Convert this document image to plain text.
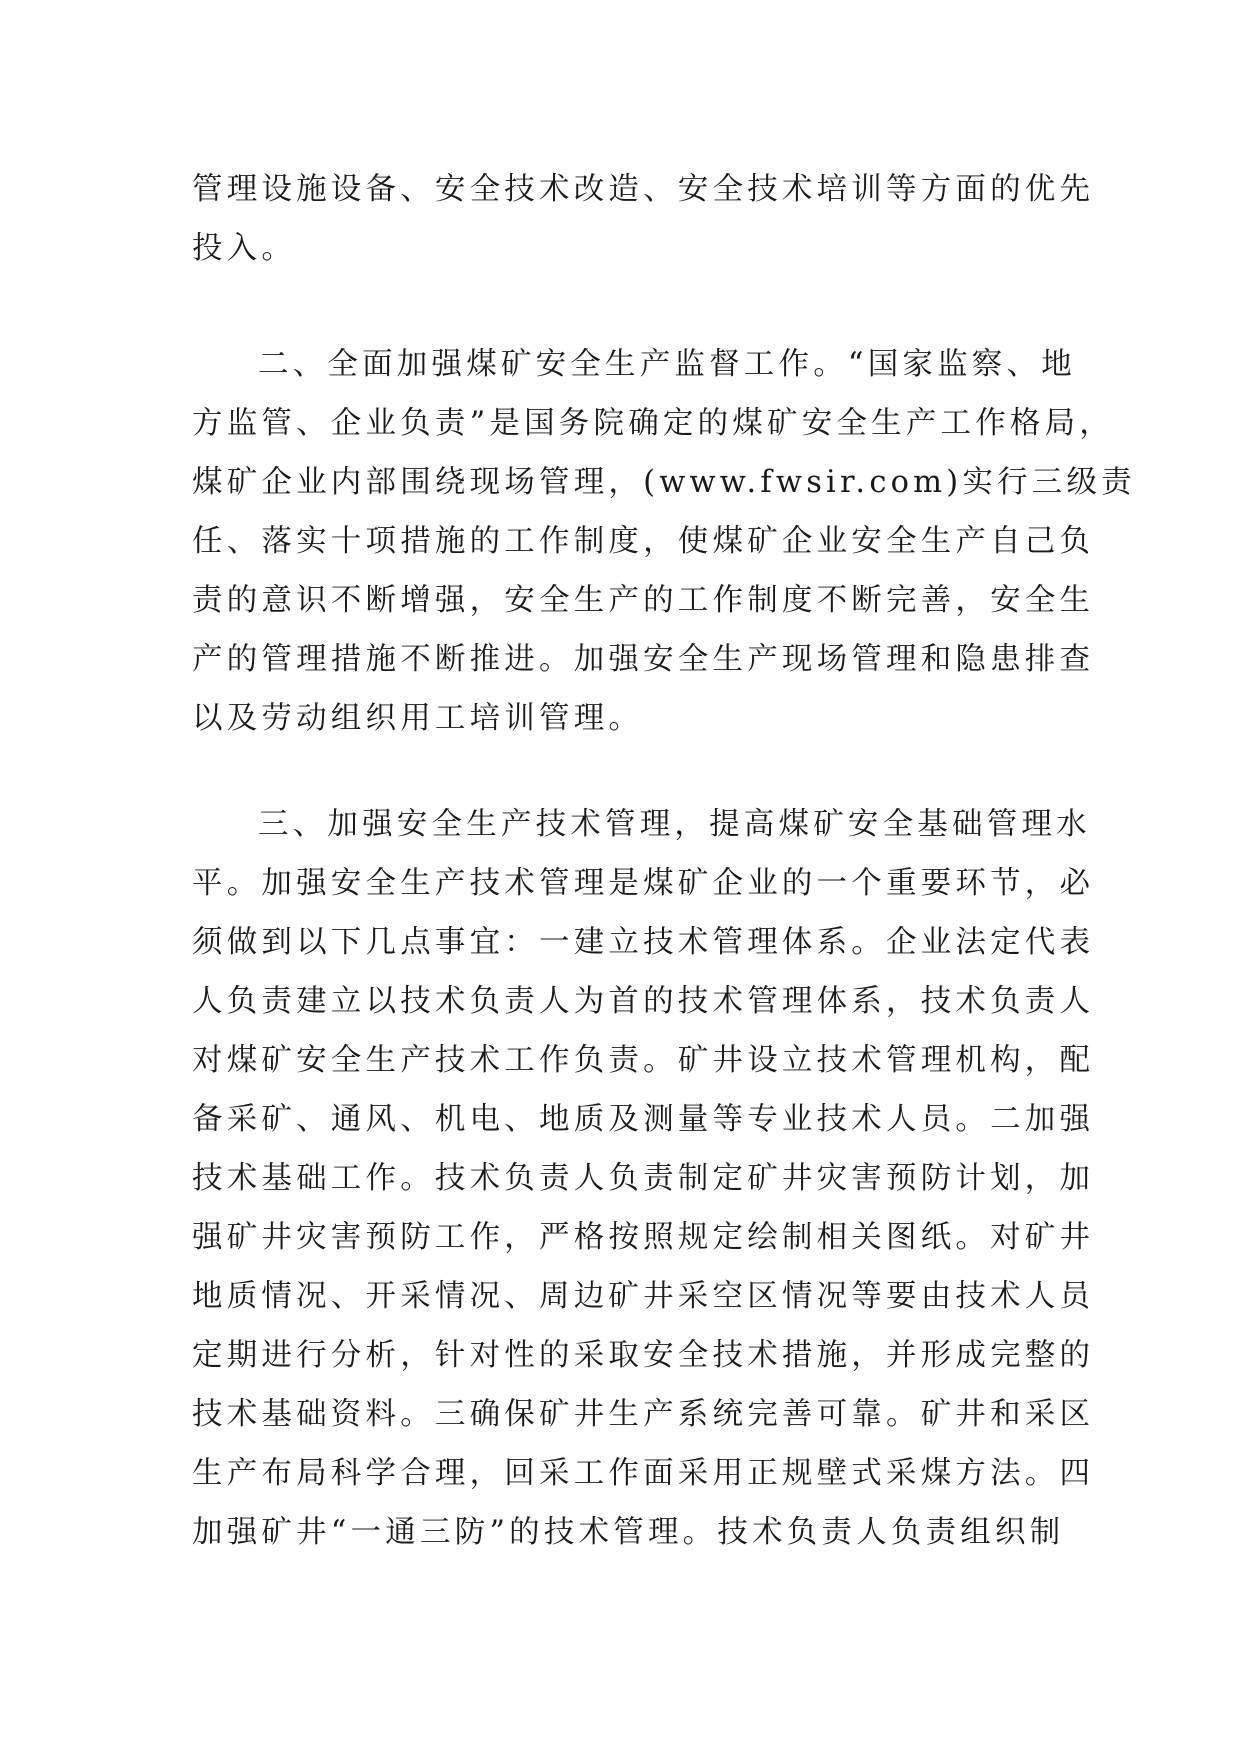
管理设施设备、安全技术改造、安全技术培训等方面的优先
投入。
二、全面加强煤矿安全生产监督工作。“国家监察、地
方监管、企业负责”是国务院确定的煤矿安全生产工作格局，
煤矿企业内部围绕现场管理，(www.fwsir.com)实行三级责
任、落实十项措施的工作制度，使煤矿企业安全生产自己负
责的意识不断增强，安全生产的工作制度不断完善，安全生
产的管理措施不断推进。加强安全生产现场管理和隐患排查
以及劳动组织用工培训管理。
三、加强安全生产技术管理，提高煤矿安全基础管理水
平。加强安全生产技术管理是煤矿企业的一个重要环节，必
须做到以下几点事宜：一建立技术管理体系。企业法定代表
人负责建立以技术负责人为首的技术管理体系，技术负责人
对煤矿安全生产技术工作负责。矿井设立技术管理机构，配
备采矿、通风、机电、地质及测量等专业技术人员。二加强
技术基础工作。技术负责人负责制定矿井灾害预防计划，加
强矿井灾害预防工作，严格按照规定绘制相关图纸。对矿井
地质情况、开采情况、周边矿井采空区情况等要由技术人员
定期进行分析，针对性的采取安全技术措施，并形成完整的
技术基础资料。三确保矿井生产系统完善可靠。矿井和采区
生产布局科学合理，回采工作面采用正规壁式采煤方法。四
加强矿井“一通三防”的技术管理。技术负责人负责组织制
